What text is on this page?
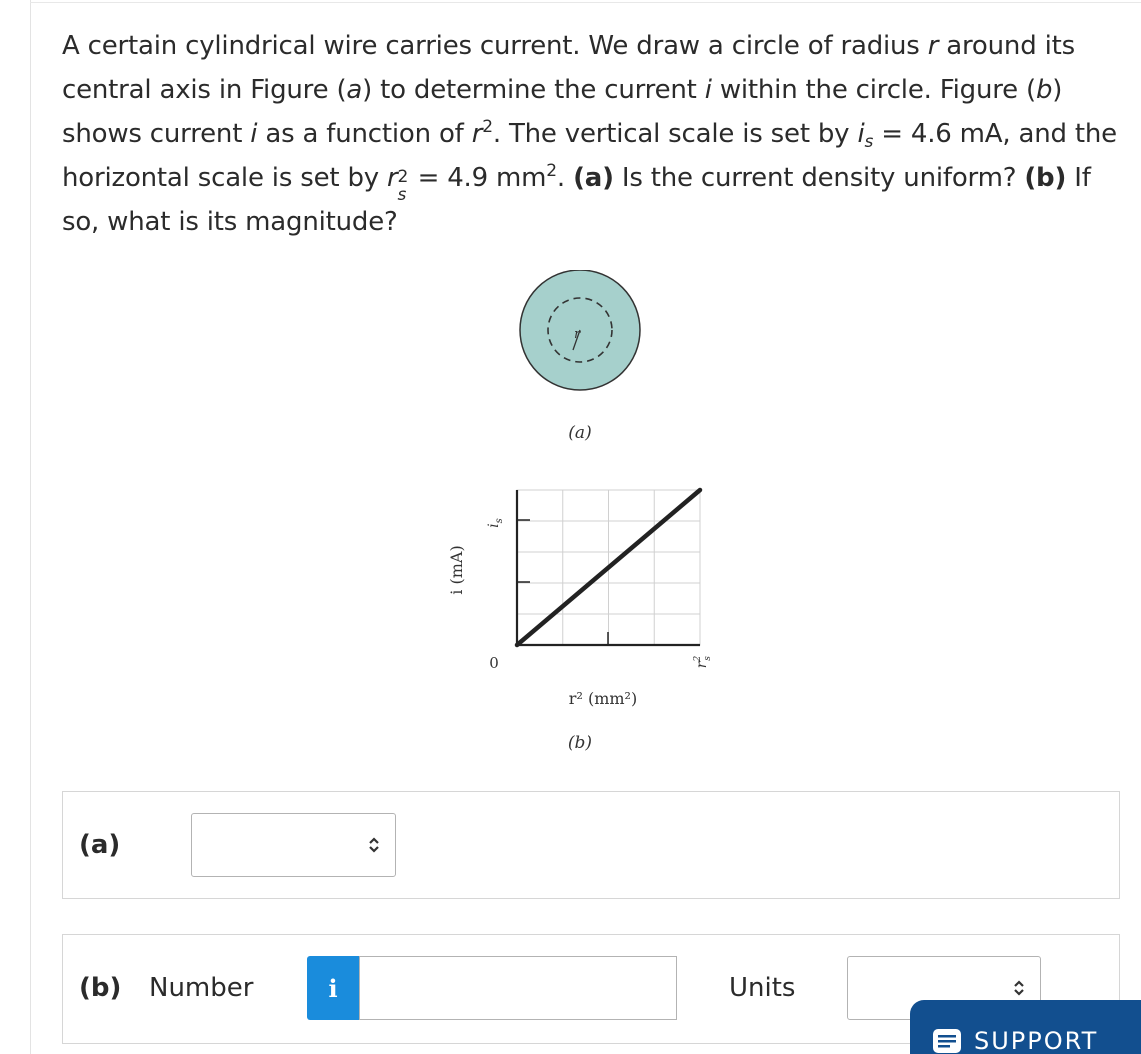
A certain cylindrical wire carries current. We draw a circle of radius r around its central axis in Figure (a) to determine the current i within the circle. Figure (b) shows current i as a function of $r^2$. The vertical scale is set by $i_s = 4.6$ mA, and the horizontal scale is set by r 2
s
= 4.9 $mm^2$. (a) Is the current density uniform? (b) If so, what is its magnitude?
r
(a)
i (mA)
$i_s$
0	$r^2s$
r² (mm²)
(b)
(a)
(b) Number	i	Units
SUPPORT
